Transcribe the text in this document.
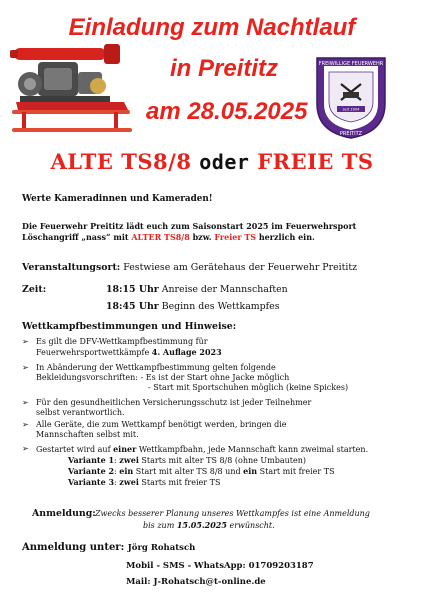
Einladung zum Nachtlauf
in Preititz
am 28.05.2025
FREIWILLIGE FEUERWEHR
seit 1904
PREITITZ
ALTE TS8/8 oder FREIE TS
Werte Kameradinnen und Kameraden!
Die Feuerwehr Preititz lädt euch zum Saisonstart 2025 im Feuerwehrsport Löschangriff „nass“ mit ALTER TS8/8 bzw. Freier TS herzlich ein.
Veranstaltungsort: Festwiese am Gerätehaus der Feuerwehr Preititz
Zeit:	18:15 Uhr Anreise der Mannschaften
18:45 Uhr Beginn des Wettkampfes
Wettkampfbestimmungen und Hinweise:
➢ Es gilt die DFV-Wettkampfbestimmung für
Feuerwehrsportwettkämpfe 4. Auflage 2023
➢ In Abänderung der Wettkampfbestimmung gelten folgende
Bekleidungsvorschriften: - Es ist der Start ohne Jacke möglich
- Start mit Sportschuhen möglich (keine Spickes)
➢ Für den gesundheitlichen Versicherungsschutz ist jeder Teilnehmer
selbst verantwortlich.
➢ Alle Geräte, die zum Wettkampf benötigt werden, bringen die
Mannschaften selbst mit.
➢ Gestartet wird auf einer Wettkampfbahn, jede Mannschaft kann zweimal starten.
Variante 1: zwei Starts mit alter TS 8/8 (ohne Umbauten)
Variante 2: ein Start mit alter TS 8/8 und ein Start mit freier TS
Variante 3: zwei Starts mit freier TS
Anmeldung: Zwecks besserer Planung unseres Wettkampfes ist eine Anmeldung
bis zum 15.05.2025 erwünscht.
Anmeldung unter: Jörg Rohatsch
Mobil - SMS - WhatsApp: 01709203187
Mail: J-Rohatsch@t-online.de
